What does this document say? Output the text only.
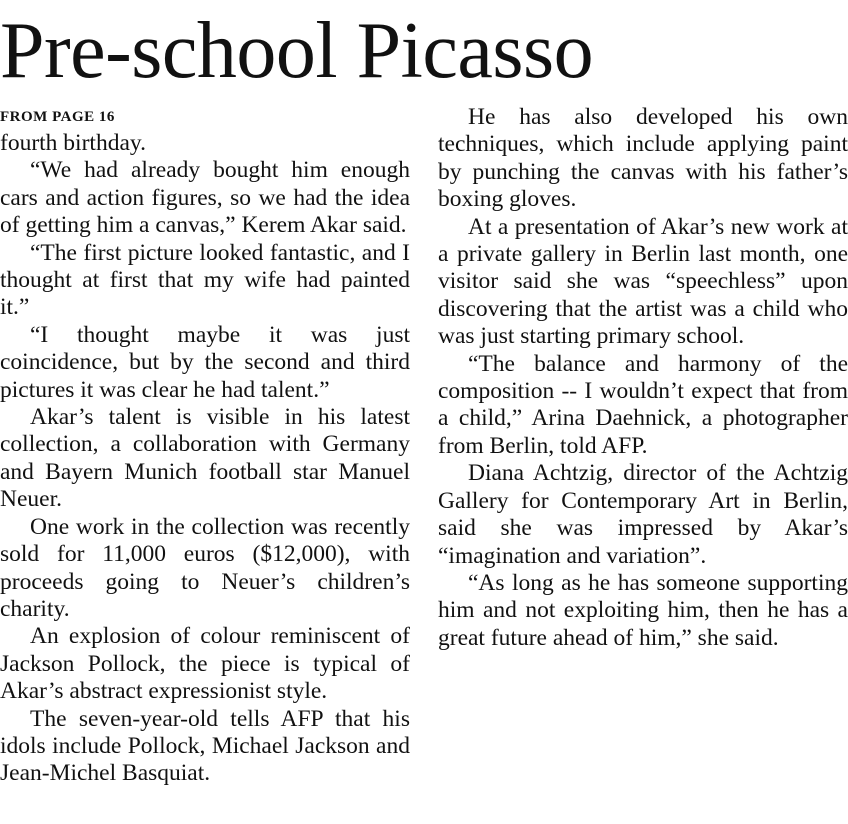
Pre-school Picasso
FROM PAGE 16

fourth birthday.

“We had already bought him enough cars and action figures, so we had the idea of getting him a canvas,” Kerem Akar said.

“The first picture looked fantastic, and I thought at first that my wife had painted it.”

“I thought maybe it was just coincidence, but by the second and third pictures it was clear he had talent.”

Akar’s talent is visible in his latest collection, a collaboration with Germany and Bayern Munich football star Manuel Neuer.

One work in the collection was recently sold for 11,000 euros ($12,000), with proceeds going to Neuer’s children’s charity.

An explosion of colour reminiscent of Jackson Pollock, the piece is typical of Akar’s abstract expressionist style.

The seven-year-old tells AFP that his idols include Pollock, Michael Jackson and Jean-Michel Basquiat.

He has also developed his own techniques, which include applying paint by punching the canvas with his father’s boxing gloves.

At a presentation of Akar’s new work at a private gallery in Berlin last month, one visitor said she was “speechless” upon discovering that the artist was a child who was just starting primary school.

“The balance and harmony of the composition -- I wouldn’t expect that from a child,” Arina Daehnick, a photographer from Berlin, told AFP.

Diana Achtzig, director of the Achtzig Gallery for Contemporary Art in Berlin, said she was impressed by Akar’s “imagination and variation”.

“As long as he has someone supporting him and not exploiting him, then he has a great future ahead of him,” she said.
